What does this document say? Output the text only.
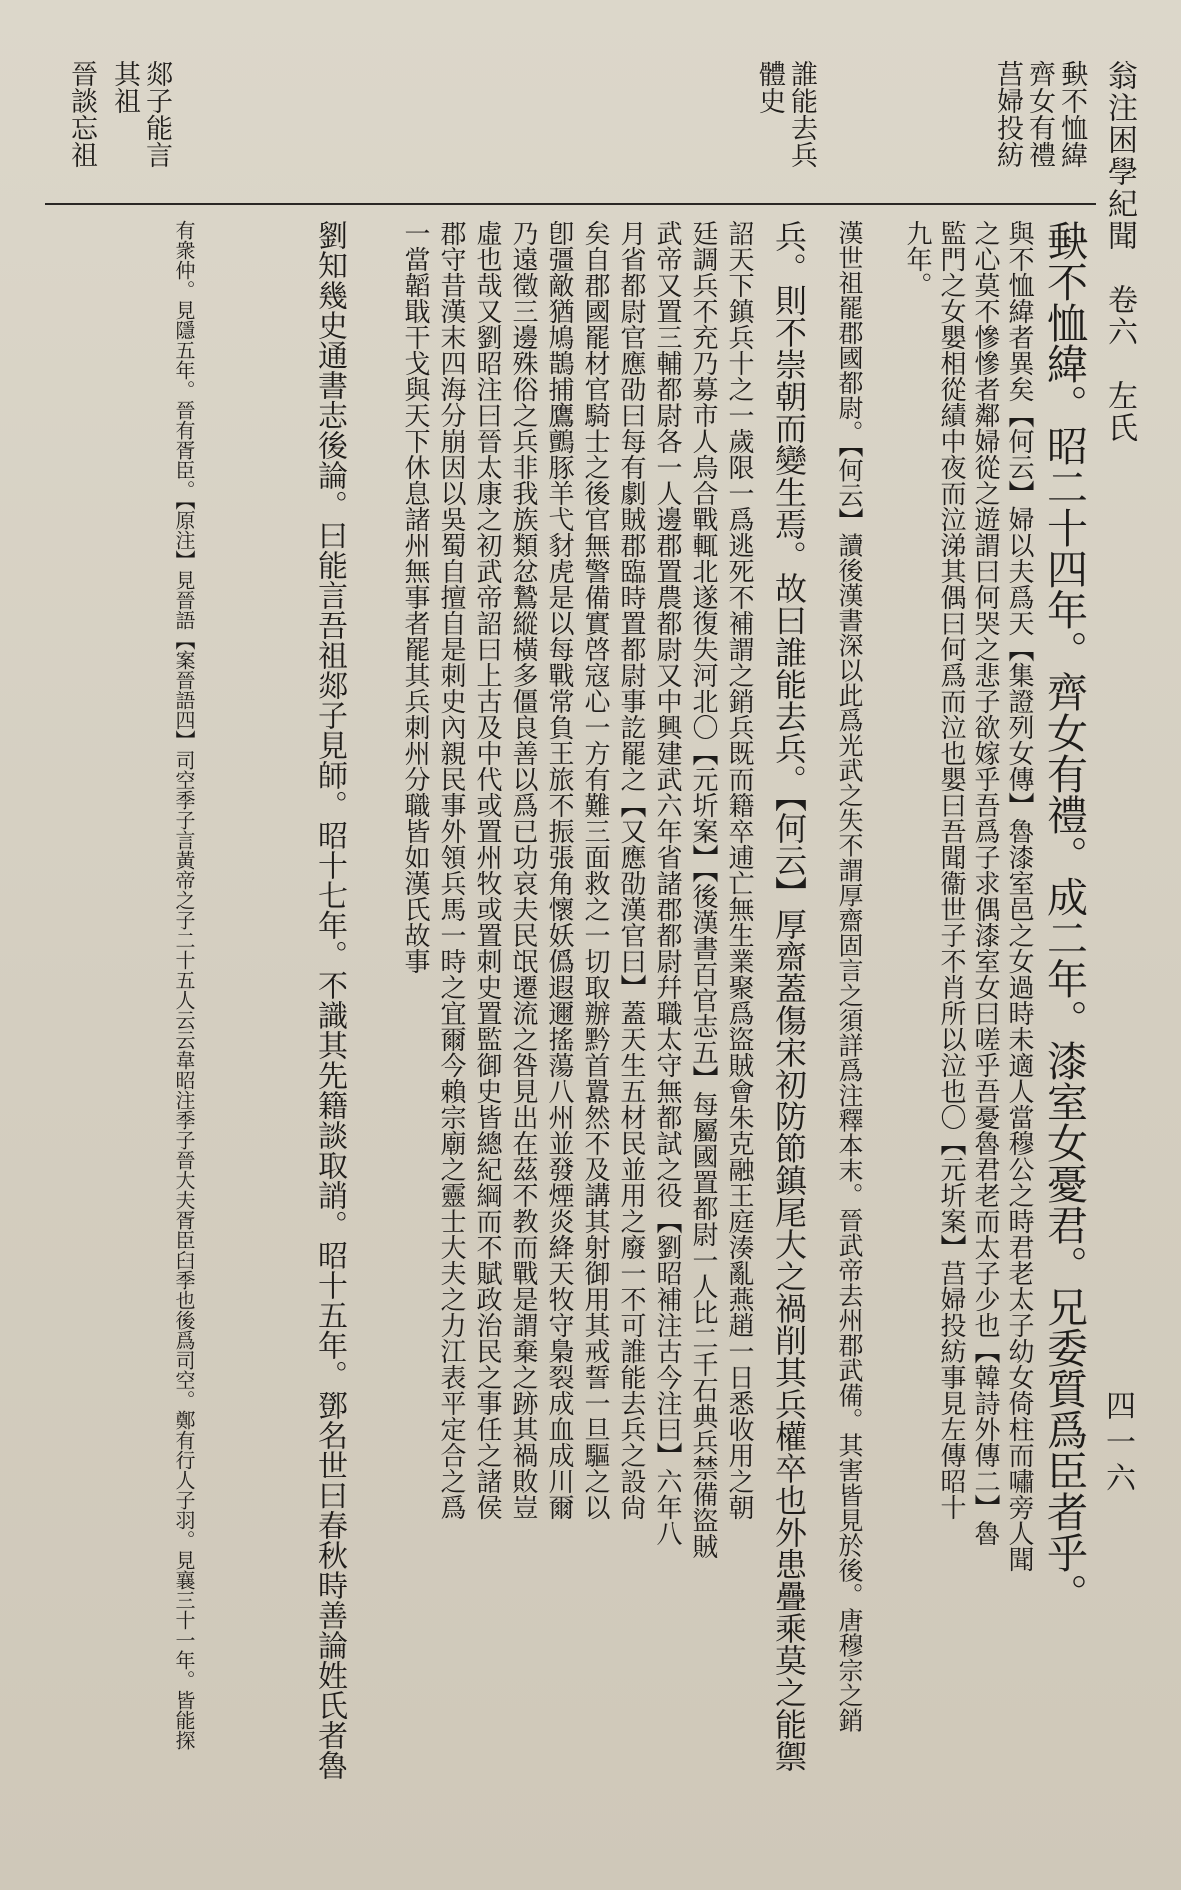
翁注困學紀聞　卷六　左氏
四一六
𡙇不恤緯
齊女有禮
莒婦投紡
誰能去兵
體史
郯子能言
其祖
晉談忘祖
𡙇不恤緯。昭二十四年。齊女有禮。成二年。漆室女憂君。兄委質爲臣者乎。
與不恤緯者異矣【何云】婦以夫爲天【集證列女傳】魯漆室邑之女過時未適人當穆公之時君老太子幼女倚柱而嘯旁人聞
之心莫不慘慘者鄰婦從之遊謂曰何哭之悲子欲嫁乎吾爲子求偶漆室女曰嗟乎吾憂魯君老而太子少也【韓詩外傳二】魯
監門之女嬰相從績中夜而泣涕其偶曰何爲而泣也嬰曰吾聞衞世子不肖所以泣也〇【元圻案】莒婦投紡事見左傳昭十
九年。
漢世祖罷郡國都尉。【何云】讀後漢書深以此爲光武之失不謂厚齋固言之須詳爲注釋本末。晉武帝去州郡武備。其害皆見於後。唐穆宗之銷
兵。則不崇朝而變生焉。故曰誰能去兵。【何云】厚齋蓋傷宋初防節鎮尾大之禍削其兵權卒也外患疊乘莫之能禦
詔天下鎮兵十之一歲限一爲逃死不補謂之銷兵既而籍卒逋亡無生業聚爲盜賊會朱克融王庭湊亂燕趙一日悉收用之朝
廷調兵不充乃募市人烏合戰輒北遂復失河北〇【元圻案】【後漢書百官志五】每屬國置都尉一人比二千石典兵禁備盜賊
武帝又置三輔都尉各一人邊郡置農都尉又中興建武六年省諸郡都尉幷職太守無都試之役【劉昭補注古今注曰】六年八
月省都尉官應劭曰每有劇賊郡臨時置都尉事訖罷之【又應劭漢官曰】蓋天生五材民並用之廢一不可誰能去兵之設尙
矣自郡國罷材官騎士之後官無警備實啓寇心一方有難三面救之一切取辦黔首囂然不及講其射御用其戒誓一旦驅之以
卽彊敵猶鳩鵲捕鷹鸇豚羊弋豺虎是以每戰常負王旅不振張角懷妖僞遐邇搖蕩八州並發煙炎絳天牧守梟裂成血成川爾
乃遠徵三邊殊俗之兵非我族類忿鷙縱橫多僵良善以爲已功哀夫民氓遷流之咎見出在茲不教而戰是謂棄之跡其禍敗豈
虛也哉又劉昭注曰晉太康之初武帝詔曰上古及中代或置州牧或置刺史置監御史皆總紀綱而不賦政治民之事任之諸侯
郡守昔漢末四海分崩因以吳蜀自擅自是刺史內親民事外領兵馬一時之宜爾今賴宗廟之靈士大夫之力江表平定合之爲
一當韜戢干戈與天下休息諸州無事者罷其兵刺州分職皆如漢氏故事
劉知幾史通書志後論。曰能言吾祖郯子見師。昭十七年。不識其先籍談取誚。昭十五年。鄧名世曰春秋時善論姓氏者魯
有衆仲。見隱五年。晉有胥臣。【原注】見晉語【案晉語四】司空季子言黃帝之子二十五人云云韋昭注季子晉大夫胥臣臼季也後爲司空。鄭有行人子羽。見襄三十一年。皆能探
